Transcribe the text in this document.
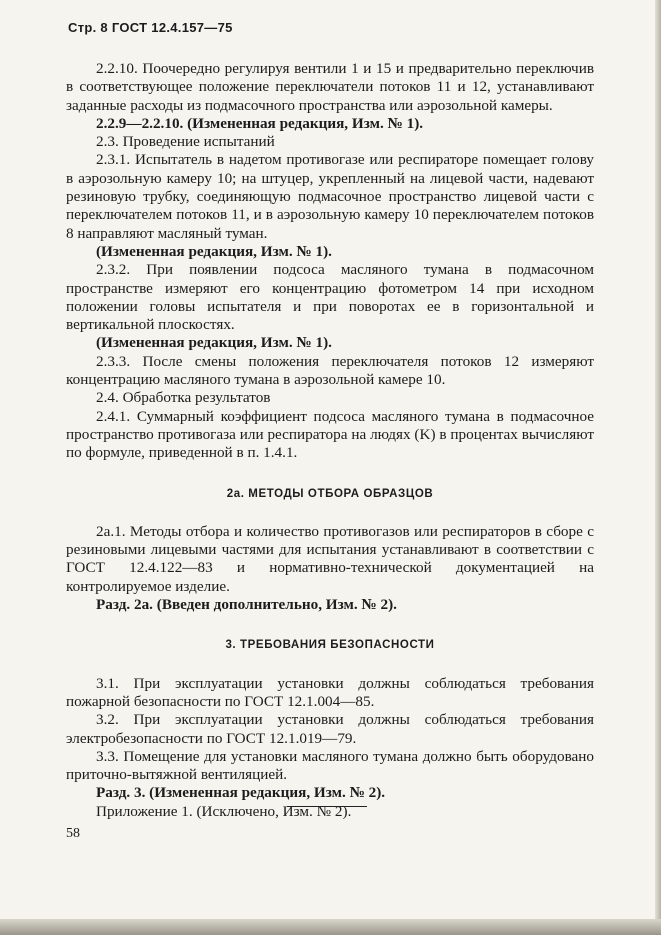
Стр. 8 ГОСТ 12.4.157—75

2.2.10. Поочередно регулируя вентили 1 и 15 и предварительно переключив в соответствующее положение переключатели потоков 11 и 12, устанавливают заданные расходы из подмасочного пространства или аэрозольной камеры.

2.2.9—2.2.10. (Измененная редакция, Изм. № 1).

2.3. Проведение испытаний

2.3.1. Испытатель в надетом противогазе или респираторе помещает голову в аэрозольную камеру 10; на штуцер, укрепленный на лицевой части, надевают резиновую трубку, соединяющую подмасочное пространство лицевой части с переключателем потоков 11, и в аэрозольную камеру 10 переключателем потоков 8 направляют масляный туман.

(Измененная редакция, Изм. № 1).

2.3.2. При появлении подсоса масляного тумана в подмасочном пространстве измеряют его концентрацию фотометром 14 при исходном положении головы испытателя и при поворотах ее в горизонтальной и вертикальной плоскостях.

(Измененная редакция, Изм. № 1).

2.3.3. После смены положения переключателя потоков 12 измеряют концентрацию масляного тумана в аэрозольной камере 10.

2.4. Обработка результатов

2.4.1. Суммарный коэффициент подсоса масляного тумана в подмасочное пространство противогаза или респиратора на людях (K) в процентах вычисляют по формуле, приведенной в п. 1.4.1.

2а. МЕТОДЫ ОТБОРА ОБРАЗЦОВ

2а.1. Методы отбора и количество противогазов или респираторов в сборе с резиновыми лицевыми частями для испытания устанавливают в соответствии с ГОСТ 12.4.122—83 и нормативно-технической документацией на контролируемое изделие.

Разд. 2а. (Введен дополнительно, Изм. № 2).

3. ТРЕБОВАНИЯ БЕЗОПАСНОСТИ

3.1. При эксплуатации установки должны соблюдаться требования пожарной безопасности по ГОСТ 12.1.004—85.

3.2. При эксплуатации установки должны соблюдаться требования электробезопасности по ГОСТ 12.1.019—79.

3.3. Помещение для установки масляного тумана должно быть оборудовано приточно-вытяжной вентиляцией.

Разд. 3. (Измененная редакция, Изм. № 2).

Приложение 1. (Исключено, Изм. № 2).

58
